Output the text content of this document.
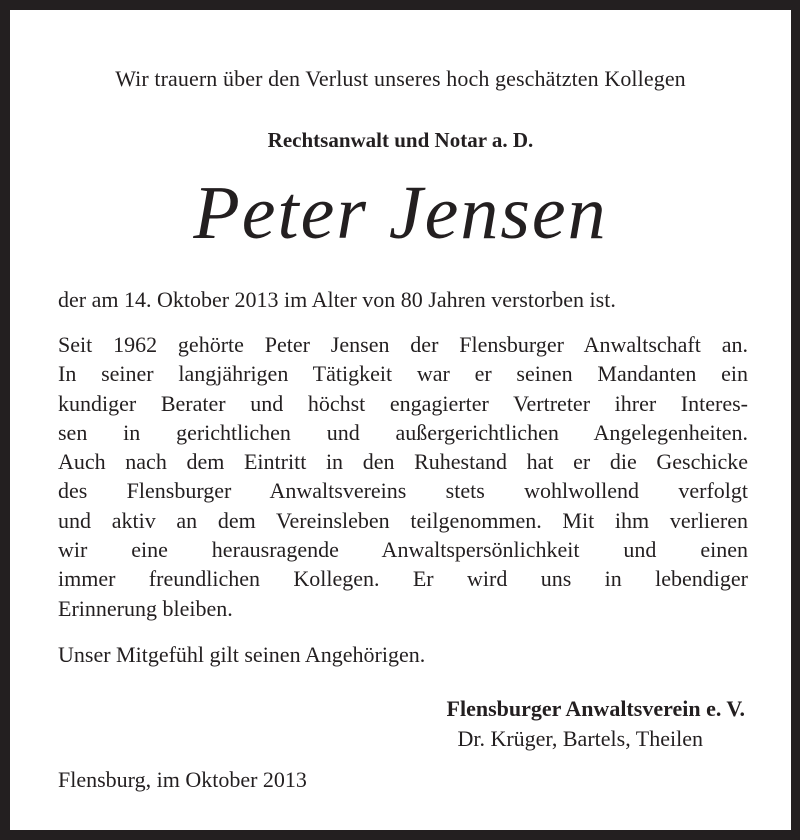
Wir trauern über den Verlust unseres hoch geschätzten Kollegen
Rechtsanwalt und Notar a. D.
Peter Jensen
der am 14. Oktober 2013 im Alter von 80 Jahren verstorben ist.
Seit 1962 gehörte Peter Jensen der Flensburger Anwaltschaft an.
In seiner langjährigen Tätigkeit war er seinen Mandanten ein
kundiger Berater und höchst engagierter Vertreter ihrer Interes-
sen in gerichtlichen und außergerichtlichen Angelegenheiten.
Auch nach dem Eintritt in den Ruhestand hat er die Geschicke
des Flensburger Anwaltsvereins stets wohlwollend verfolgt
und aktiv an dem Vereinsleben teilgenommen. Mit ihm verlieren
wir eine herausragende Anwaltspersönlichkeit und einen
immer freundlichen Kollegen. Er wird uns in lebendiger
Erinnerung bleiben.
Unser Mitgefühl gilt seinen Angehörigen.
Flensburger Anwaltsverein e. V.
Dr. Krüger, Bartels, Theilen
Flensburg, im Oktober 2013
